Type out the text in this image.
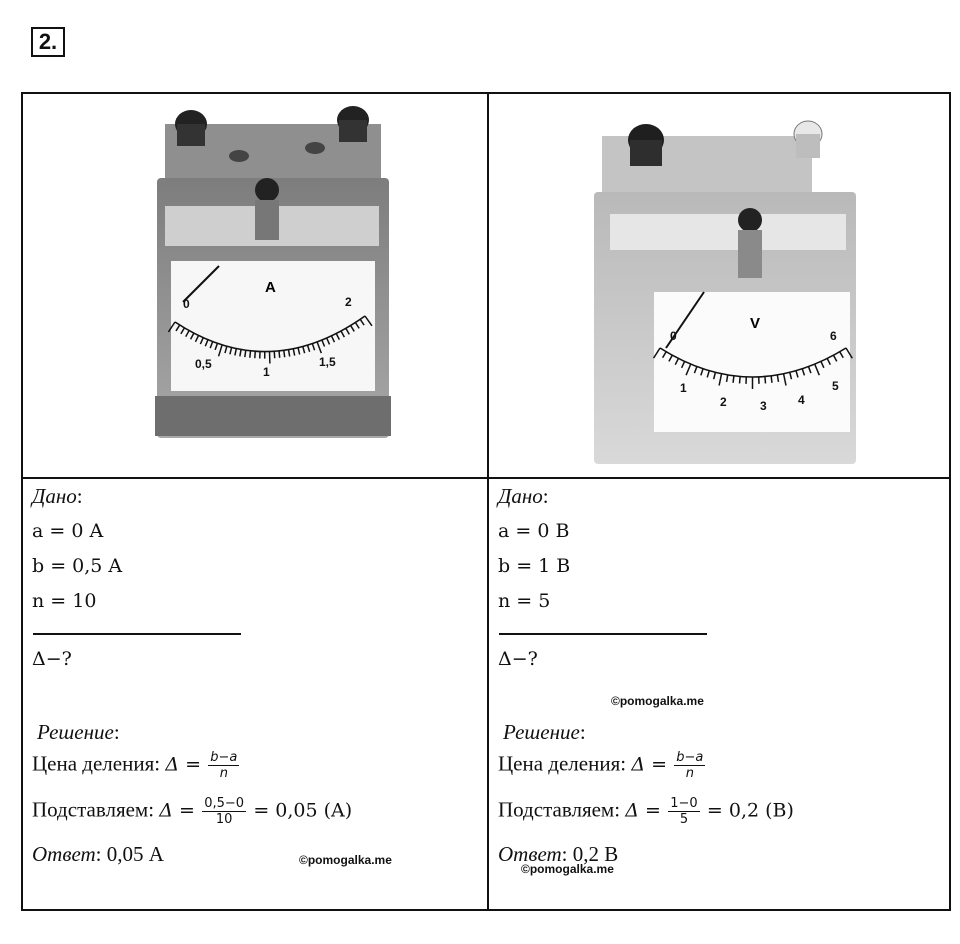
2.
A
0
0,5
1
1,5
2
V
0
1
2	3	4
5
6
Дано:
a = 0 A
b = 0,5 A
n = 10
Δ−?
Решение:
Цена деления: $\Delta = \frac{b-a}{n}$
Подставляем: $\Delta = \frac{0,5-0}{10} = 0,05$ (A)
Ответ: 0,05 А	©pomogalka.me
Дано:
a = 0 B
b = 1 B
n = 5
Δ−?
©pomogalka.me
Решение:
Цена деления: $\Delta = \frac{b-a}{n}$
Подставляем: $\Delta = \frac{1-0}{5} = 0,2$ (B)
Ответ: 0,2 В
©pomogalka.me
